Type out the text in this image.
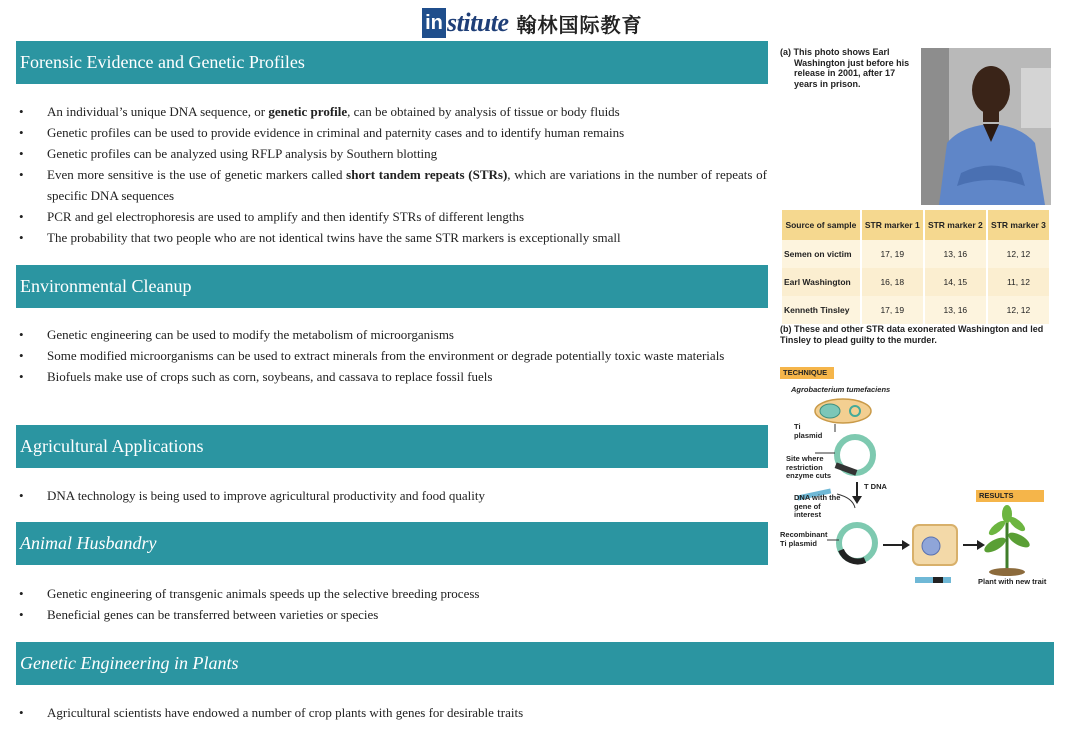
in stitute 翰林国际教育
Forensic Evidence and Genetic Profiles
• An individual’s unique DNA sequence, or genetic profile, can be obtained by analysis of tissue or body fluids
• Genetic profiles can be used to provide evidence in criminal and paternity cases and to identify human remains
• Genetic profiles can be analyzed using RFLP analysis by Southern blotting
• Even more sensitive is the use of genetic markers called short tandem repeats (STRs), which are variations in the number of repeats of specific DNA sequences
• PCR and gel electrophoresis are used to amplify and then identify STRs of different lengths
• The probability that two people who are not identical twins have the same STR markers is exceptionally small
Environmental Cleanup
• Genetic engineering can be used to modify the metabolism of microorganisms
• Some modified microorganisms can be used to extract minerals from the environment or degrade potentially toxic waste materials
• Biofuels make use of crops such as corn, soybeans, and cassava to replace fossil fuels
Agricultural Applications
• DNA technology is being used to improve agricultural productivity and food quality
Animal Husbandry
• Genetic engineering of transgenic animals speeds up the selective breeding process
• Beneficial genes can be transferred between varieties or species
Genetic Engineering in Plants
• Agricultural scientists have endowed a number of crop plants with genes for desirable traits
(a) This photo shows Earl
Washington just before his release in 2001, after 17 years in prison.
Source of sample	STR marker 1	STR marker 2	STR marker 3
Semen on victim	17, 19	13, 16	12, 12
Earl Washington	16, 18	14, 15	11, 12
Kenneth Tinsley	17, 19	13, 16	12, 12
(b) These and other STR data exonerated Washington and led Tinsley to plead guilty to the murder.
TECHNIQUE
RESULTS
Agrobacterium tumefaciens
Ti plasmid
Site where restriction enzyme cuts
T DNA
DNA with the gene of interest
Recombinant Ti plasmid
Plant with new trait
